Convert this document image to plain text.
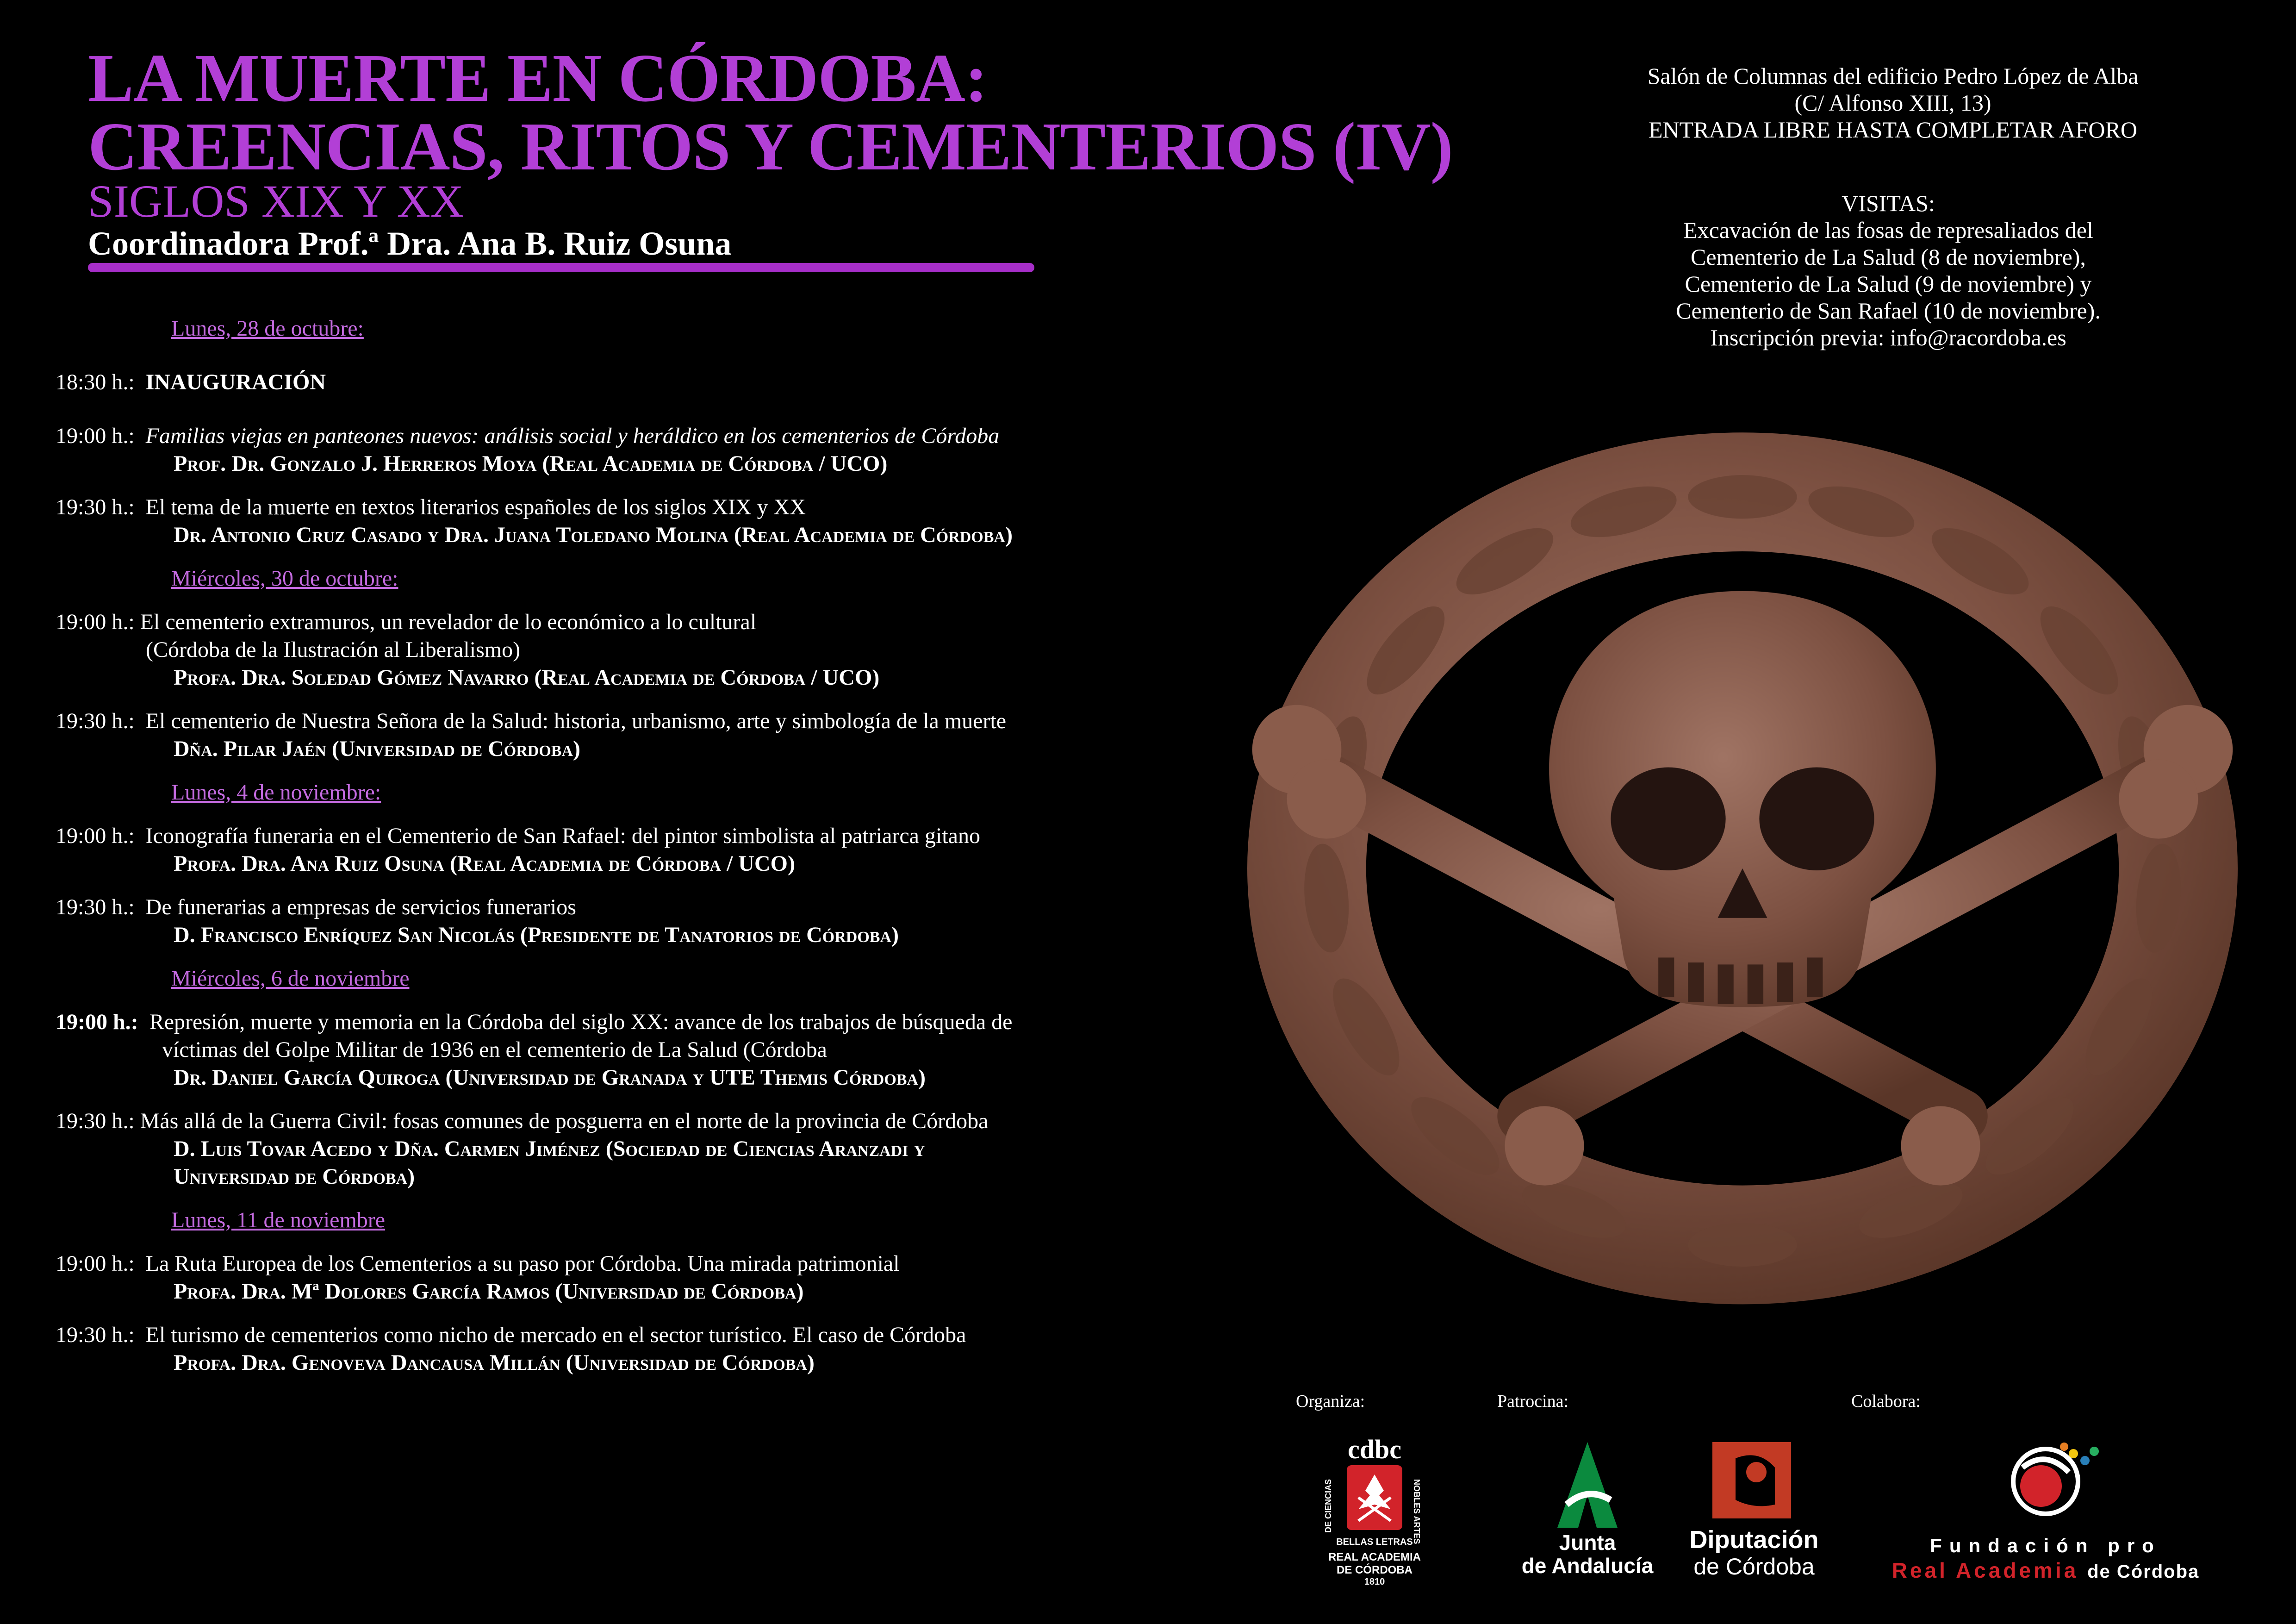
LA MUERTE EN CÓRDOBA:
CREENCIAS, RITOS Y CEMENTERIOS (IV)
SIGLOS XIX Y XX
Coordinadora Prof.ª Dra. Ana B. Ruiz Osuna
Salón de Columnas del edificio Pedro López de Alba
(C/ Alfonso XIII, 13)
ENTRADA LIBRE HASTA COMPLETAR AFORO
VISITAS:
Excavación de las fosas de represaliados del
Cementerio de La Salud (8 de noviembre),
Cementerio de La Salud (9 de noviembre) y
Cementerio de San Rafael (10 de noviembre).
Inscripción previa: info@racordoba.es
Lunes, 28 de octubre:
18:30 h.: INAUGURACIÓN
19:00 h.: Familias viejas en panteones nuevos: análisis social y heráldico en los cementerios de Córdoba
Prof. Dr. Gonzalo J. Herreros Moya (Real Academia de Córdoba / UCO)
19:30 h.: El tema de la muerte en textos literarios españoles de los siglos XIX y XX
Dr. Antonio Cruz Casado y Dra. Juana Toledano Molina (Real Academia de Córdoba)
Miércoles, 30 de octubre:
19:00 h.: El cementerio extramuros, un revelador de lo económico a lo cultural
(Córdoba de la Ilustración al Liberalismo)
Profa. Dra. Soledad Gómez Navarro (Real Academia de Córdoba / UCO)
19:30 h.: El cementerio de Nuestra Señora de la Salud: historia, urbanismo, arte y simbología de la muerte
Dña. Pilar Jaén (Universidad de Córdoba)
Lunes, 4 de noviembre:
19:00 h.: Iconografía funeraria en el Cementerio de San Rafael: del pintor simbolista al patriarca gitano
Profa. Dra. Ana Ruiz Osuna (Real Academia de Córdoba / UCO)
19:30 h.: De funerarias a empresas de servicios funerarios
D. Francisco Enríquez San Nicolás (Presidente de Tanatorios de Córdoba)
Miércoles, 6 de noviembre
19:00 h.: Represión, muerte y memoria en la Córdoba del siglo XX: avance de los trabajos de búsqueda de
víctimas del Golpe Militar de 1936 en el cementerio de La Salud (Córdoba
Dr. Daniel García Quiroga (Universidad de Granada y UTE Themis Córdoba)
19:30 h.: Más allá de la Guerra Civil: fosas comunes de posguerra en el norte de la provincia de Córdoba
D. Luis Tovar Acedo y Dña. Carmen Jiménez (Sociedad de Ciencias Aranzadi y
Universidad de Córdoba)
Lunes, 11 de noviembre
19:00 h.: La Ruta Europea de los Cementerios a su paso por Córdoba. Una mirada patrimonial
Profa. Dra. Mª Dolores García Ramos (Universidad de Córdoba)
19:30 h.: El turismo de cementerios como nicho de mercado en el sector turístico. El caso de Córdoba
Profa. Dra. Genoveva Dancausa Millán (Universidad de Córdoba)
Organiza:	Patrocina:	Colabora:
cdbc
DE CIENCIAS	NOBLES ARTES
BELLAS LETRAS
REAL ACADEMIA
DE CÓRDOBA
1810
Junta
de Andalucía
Diputación
de Córdoba
Fundación pro
Real Academia de Córdoba
